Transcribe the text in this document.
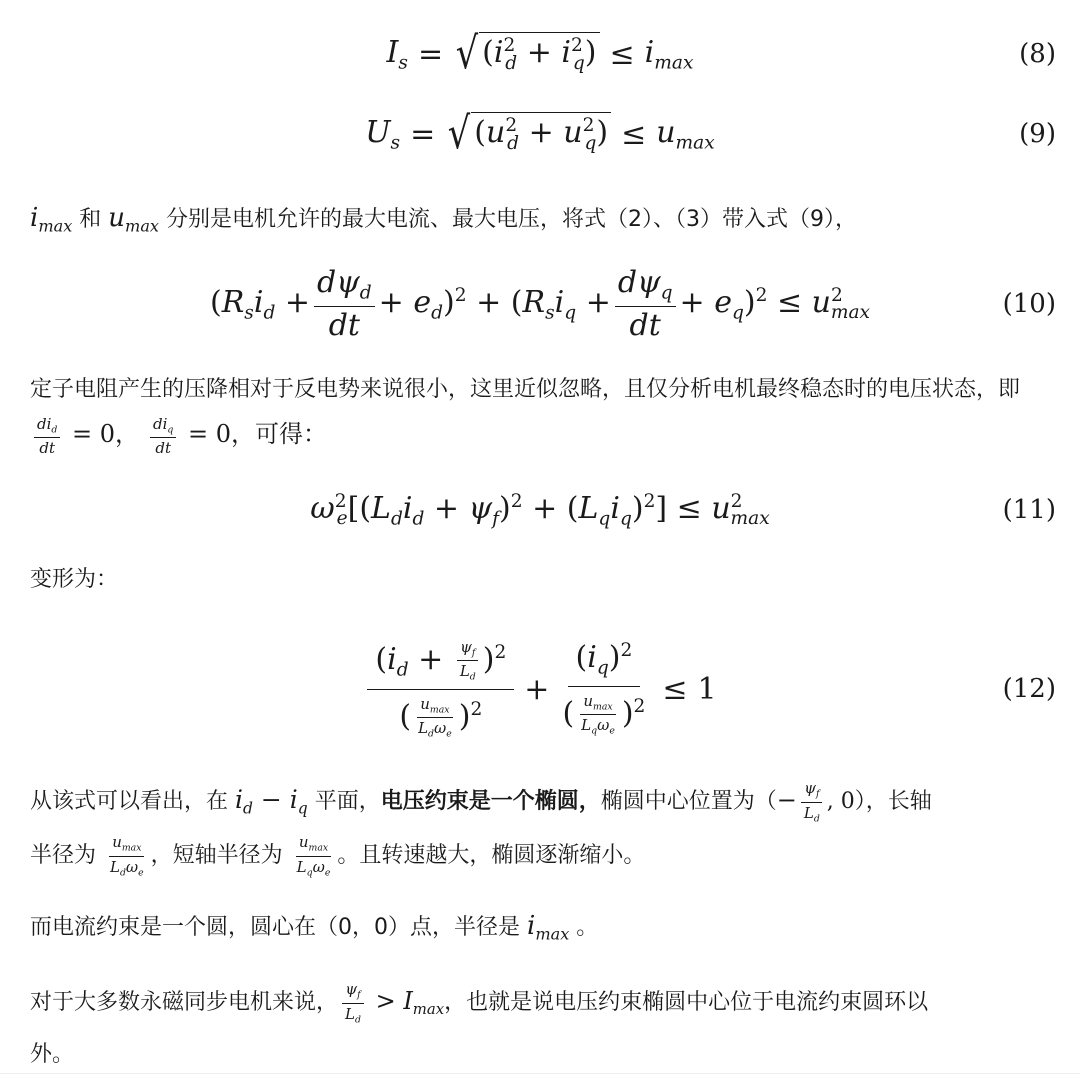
$I_s$ = √ $(i^2_d + i^2_q) \le i_{max}$	(8)
$U_s$ = √ $(u^2_d + u^2_q) \le u_{max}$	(9)
$i_{max}$ 和 $u_{max}$ 分别是电机允许的最大电流、最大电压，将式（2）、（3）带入式（9），
$(R_si_d + \frac{d\psi_d}{dt} + e_d)^2 + (R_si_q + \frac{d\psi_q}{dt} + e_q)^2 \le u^2_{max}$	(10)
定子电阻产生的压降相对于反电势来说很小，这里近似忽略，且仅分析电机最终稳态时的电压状态，即
$\frac{di_d}{dt} = 0$， $\frac{di_q}{dt} = 0$，可得：
$\omega^2_e[(L_di_d + \psi_f)^2 + (L_qi_q)^2] \le u^2_{max}$	(11)
变形为：
$\frac{(i_d + \frac{\psi_f}{L_d} )^2}{( \frac{u_{max}}{L_d\omega_e} )^2} + \frac{(i_q)^2}{( \frac{u_{max}}{L_q\omega_e} )^2} \le 1$	(12)
从该式可以看出，在 $i_d - i_q$ 平面，电压约束是一个椭圆，椭圆中心位置为（− $\frac{\psi_f}{L_d}$ , 0），长轴
半径为 $\frac{u_{max}}{L_d\omega_e}$ ，短轴半径为 $\frac{u_{max}}{L_q\omega_e}$ 。且转速越大，椭圆逐渐缩小。
而电流约束是一个圆，圆心在（0，0）点，半径是 $i_{max}$ 。
对于大多数永磁同步电机来说， $\frac{\psi_f}{L_d} > I_{max}$，也就是说电压约束椭圆中心位于电流约束圆环以
外。
